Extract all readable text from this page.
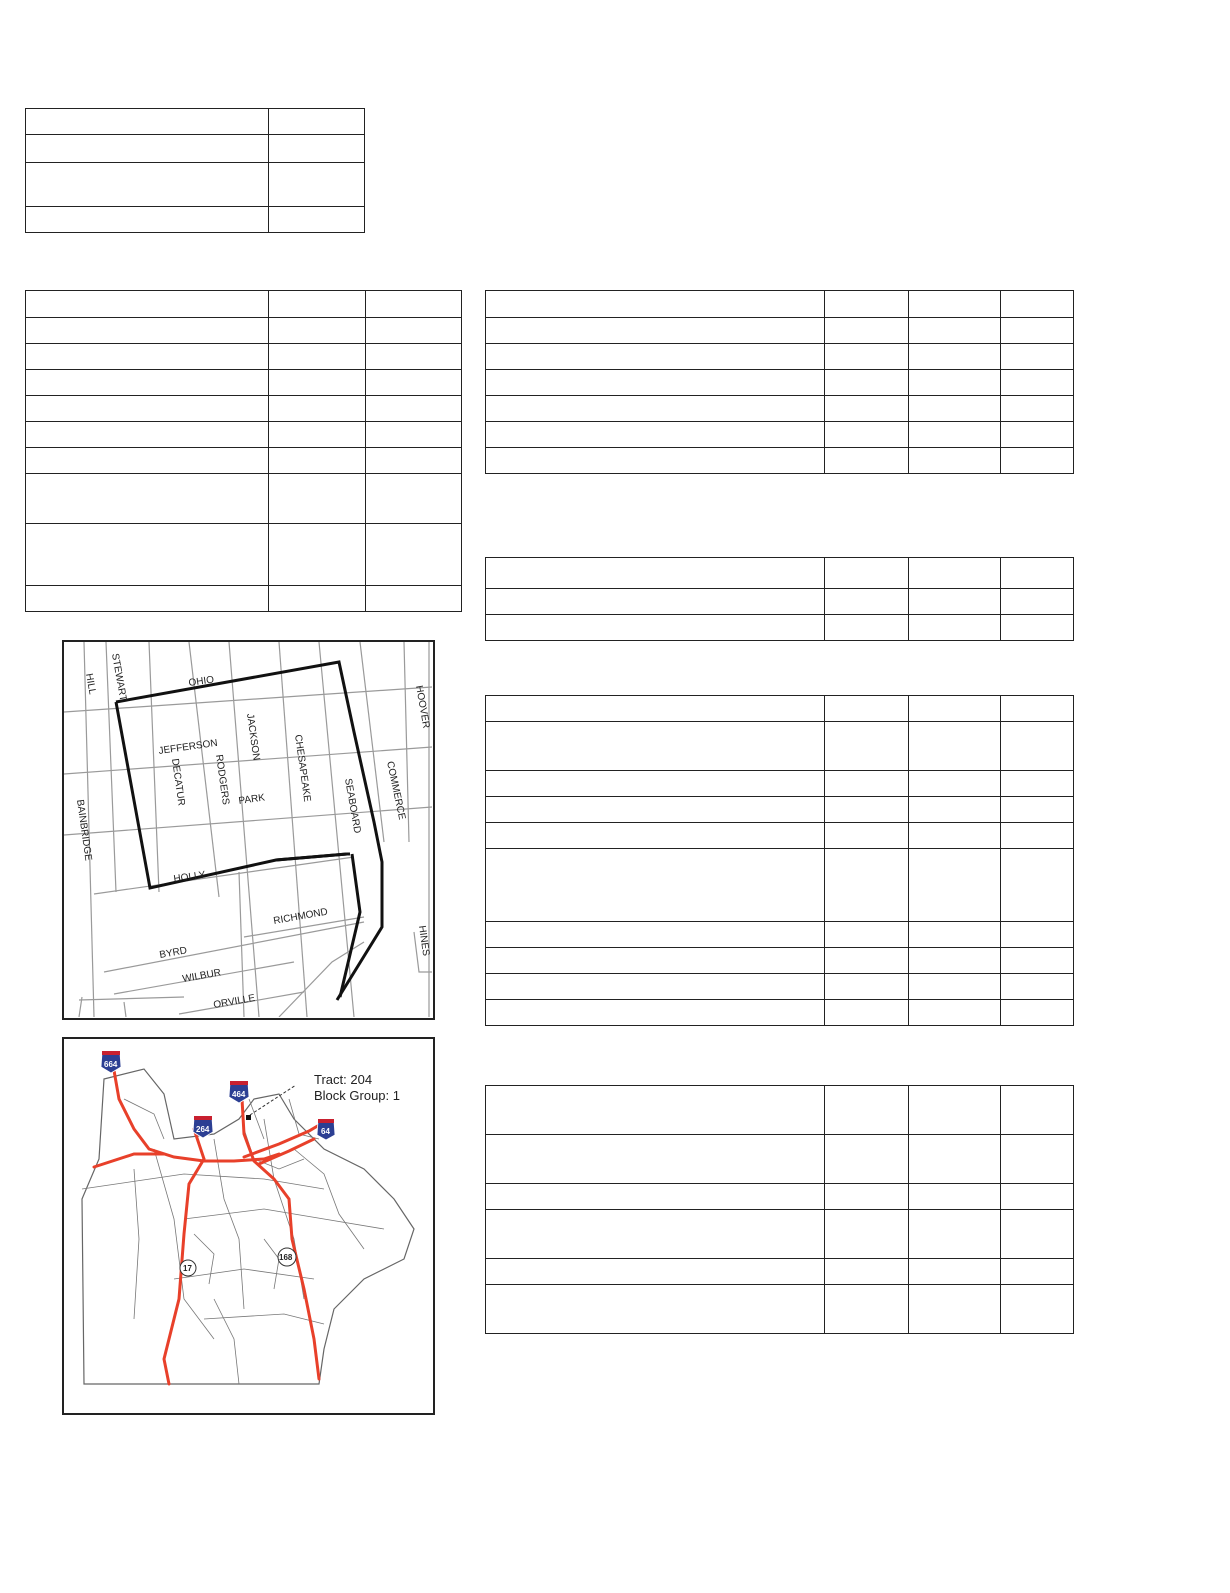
OHIO
STEWART
HILL
HOOVER
JEFFERSON	JACKSON	CHESAPEAKE
DECATUR	RODGERS PARK	SEABOARD COMMERCE
BAINBRIDGE
HOLLY
RICHMOND
BYRD
WILBUR
ORVILLE
HINES
664
464
264	64
17
168
Tract: 204
Block Group: 1
